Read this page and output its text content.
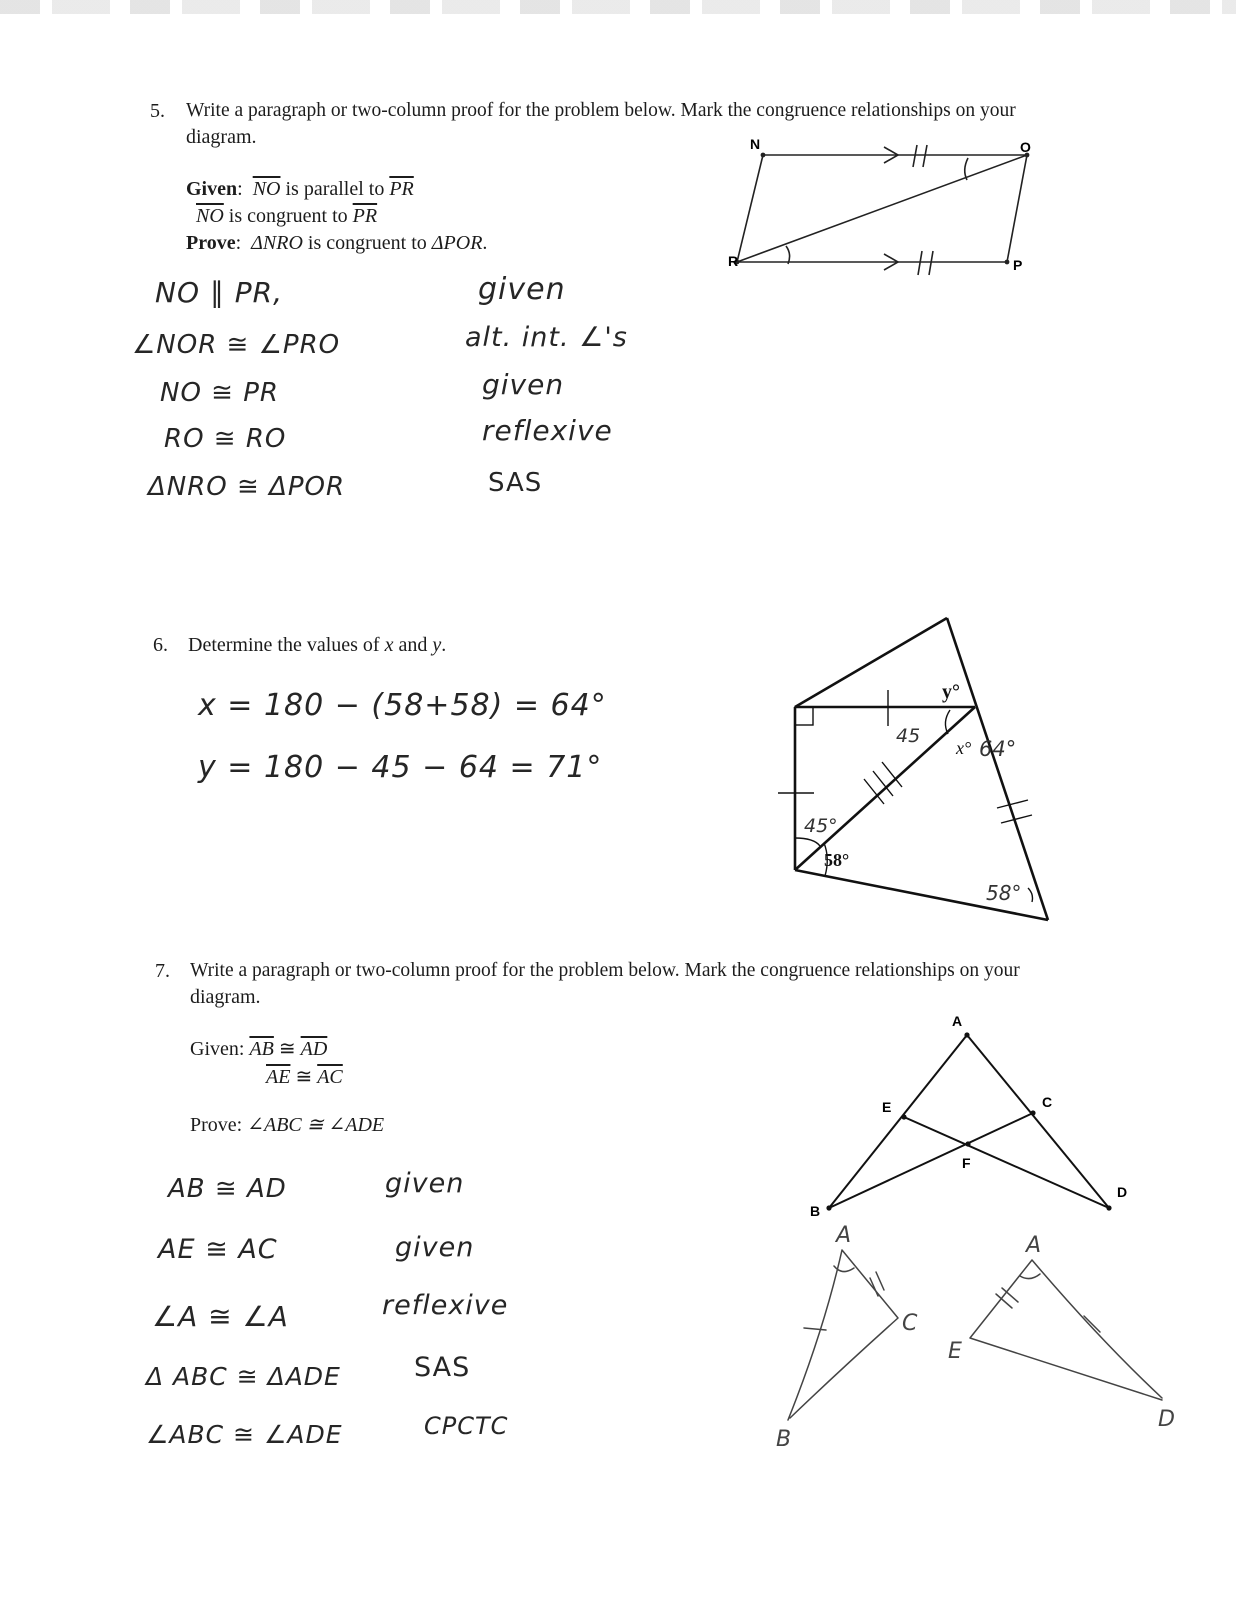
5. Write a paragraph or two-column proof for the problem below. Mark the congruence relationships on your
diagram.
Given:  $\overline{NO}$ is parallel to $\overline{PR}$
$\overline{NO}$ is congruent to $\overline{PR}$
Prove:  ΔNRO is congruent to ΔPOR.
NO ∥ PR,	given
∠NOR ≅ ∠PRO	alt. int. ∠'s
NO ≅ PR	given
RO ≅ RO	reflexive
ΔNRO ≅ ΔPOR	SAS
N	O
R	P
6. Determine the values of x and y.
x = 180 − (58+58) = 64°
y = 180 − 45 − 64 = 71°
y°
x°
58°
45
64°
45°
58°
7. Write a paragraph or two-column proof for the problem below. Mark the congruence relationships on your
diagram.
Given: $\overline{AB}$ ≅ $\overline{AD}$
$\overline{AE}$ ≅ $\overline{AC}$
Prove: ∠ABC ≅ ∠ADE
AB ≅ AD	given
AE ≅ AC	given
∠A ≅ ∠A	reflexive
Δ ABC ≅ ΔADE	SAS
∠ABC ≅ ∠ADE	CPCTC
A
B
C
D
E
F
A
C
B
A
E
D
